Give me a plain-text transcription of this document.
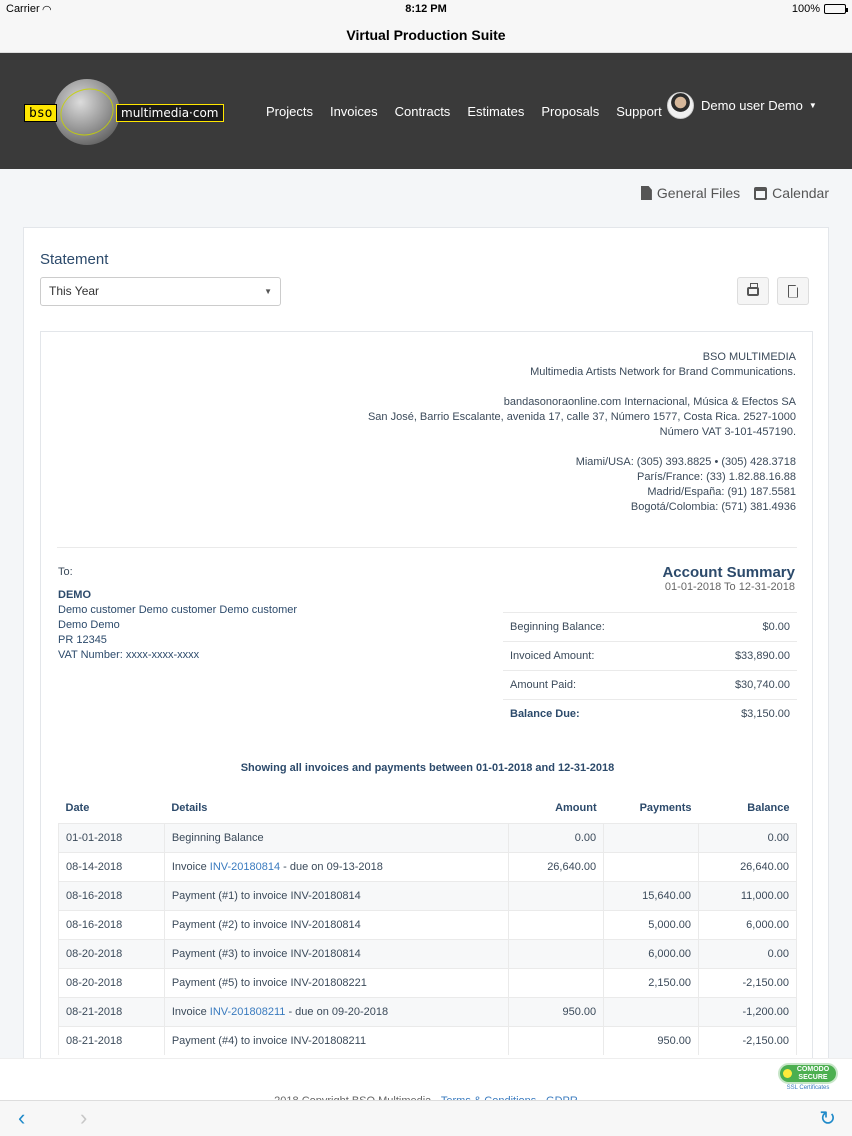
Carrier ◠	8:12 PM	100%
Virtual Production Suite
bso	multimedia·com	Projects Invoices Contracts Estimates Proposals Support	Demo user Demo ▼
General Files Calendar
Statement
This Year	▼
BSO MULTIMEDIA
Multimedia Artists Network for Brand Communications.
bandasonoraonline.com Internacional, Música & Efectos SA
San José, Barrio Escalante, avenida 17, calle 37, Número 1577, Costa Rica. 2527-1000
Número VAT 3-101-457190.
Miami/USA: (305) 393.8825 • (305) 428.3718
París/France: (33) 1.82.88.16.88
Madrid/España: (91) 187.5581
Bogotá/Colombia: (571) 381.4936
To:
DEMO
Demo customer Demo customer Demo customer
Demo Demo
PR 12345
VAT Number: xxxx-xxxx-xxxx
Account Summary
01-01-2018 To 12-31-2018
Beginning Balance:	$0.00
Invoiced Amount:	$33,890.00
Amount Paid:	$30,740.00
Balance Due:	$3,150.00
Showing all invoices and payments between 01-01-2018 and 12-31-2018
Date	Details	Amount	Payments	Balance
01-01-2018	Beginning Balance	0.00		0.00
08-14-2018	Invoice INV-20180814 - due on 09-13-2018	26,640.00		26,640.00
08-16-2018	Payment (#1) to invoice INV-20180814		15,640.00	11,000.00
08-16-2018	Payment (#2) to invoice INV-20180814		5,000.00	6,000.00
08-20-2018	Payment (#3) to invoice INV-20180814		6,000.00	0.00
08-20-2018	Payment (#5) to invoice INV-201808221		2,150.00	-2,150.00
08-21-2018	Invoice INV-201808211 - due on 09-20-2018	950.00		-1,200.00
08-21-2018	Payment (#4) to invoice INV-201808211		950.00	-2,150.00
COMODO
SECURE
SSL Certificates
‹ ›	↻
